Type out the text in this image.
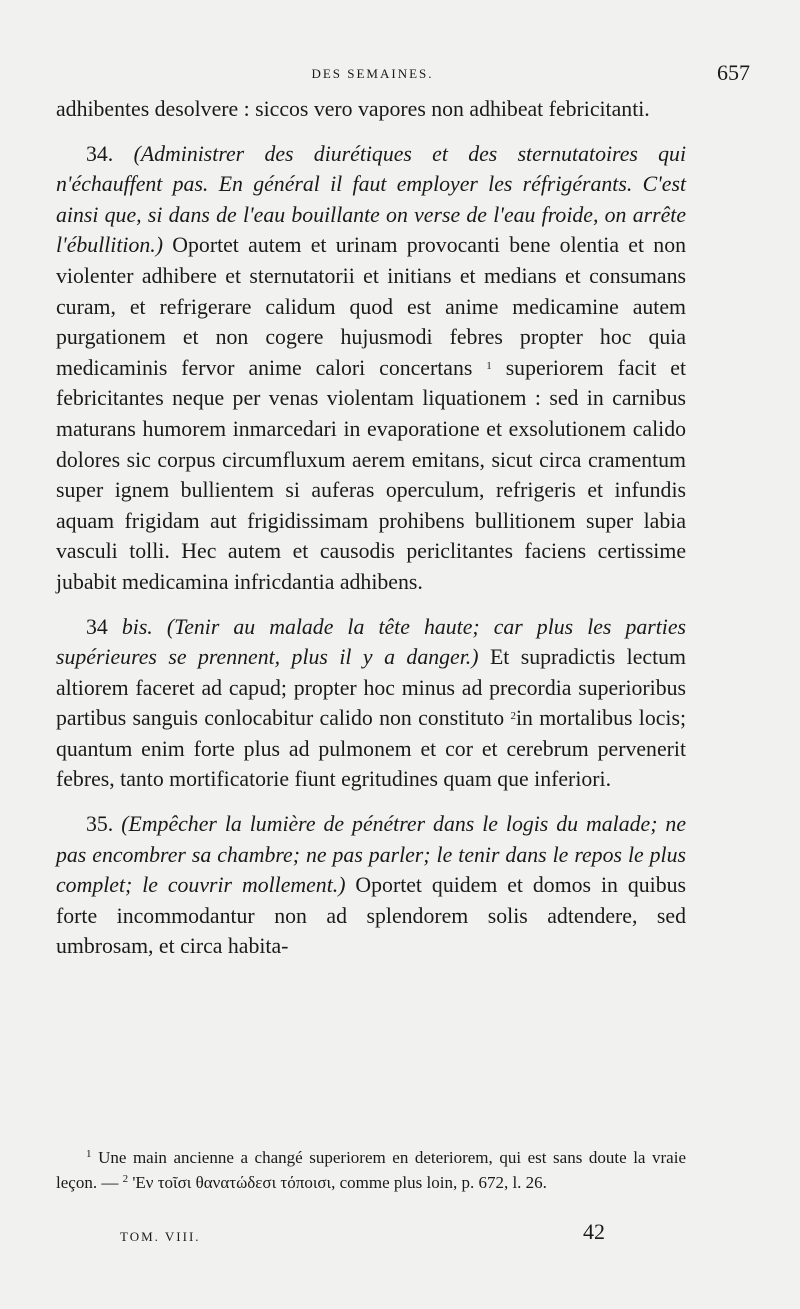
DES SEMAINES.	657

adhibentes desolvere : siccos vero vapores non adhibeat febricitanti.

34. (Administrer des diurétiques et des sternutatoires qui n'échauffent pas. En général il faut employer les réfrigérants. C'est ainsi que, si dans de l'eau bouillante on verse de l'eau froide, on arrête l'ébullition.) Oportet autem et urinam provocanti bene olentia et non violenter adhibere et sternutatorii et initians et medians et consumans curam, et refrigerare calidum quod est anime medicamine autem purgationem et non cogere hujusmodi febres propter hoc quia medicaminis fervor anime calori concertans $^1$ superiorem facit et febricitantes neque per venas violentam liquationem : sed in carnibus maturans humorem inmarcedari in evaporatione et exsolutionem calido dolores sic corpus circumfluxum aerem emitans, sicut circa cramentum super ignem bullientem si auferas operculum, refrigeris et infundis aquam frigidam aut frigidissimam prohibens bullitionem super labia vasculi tolli. Hec autem et causodis periclitantes faciens certissime jubabit medicamina infricdantia adhibens.

34 bis. (Tenir au malade la tête haute; car plus les parties supérieures se prennent, plus il y a danger.) Et supradictis lectum altiorem faceret ad capud; propter hoc minus ad precordia superioribus partibus sanguis conlocabitur calido non constituto $^2$in mortalibus locis; quantum enim forte plus ad pulmonem et cor et cerebrum pervenerit febres, tanto mortificatorie fiunt egritudines quam que inferiori.

35. (Empêcher la lumière de pénétrer dans le logis du malade; ne pas encombrer sa chambre; ne pas parler; le tenir dans le repos le plus complet; le couvrir mollement.) Oportet quidem et domos in quibus forte incommodantur non ad splendorem solis adtendere, sed umbrosam, et circa habita-

$^1$ Une main ancienne a changé superiorem en deteriorem, qui est sans doute la vraie leçon. — $^2$ 'Εν τοῖσι θανατώδεσι τόποισι, comme plus loin, p. 672, l. 26.

TOM. VIII.	42
